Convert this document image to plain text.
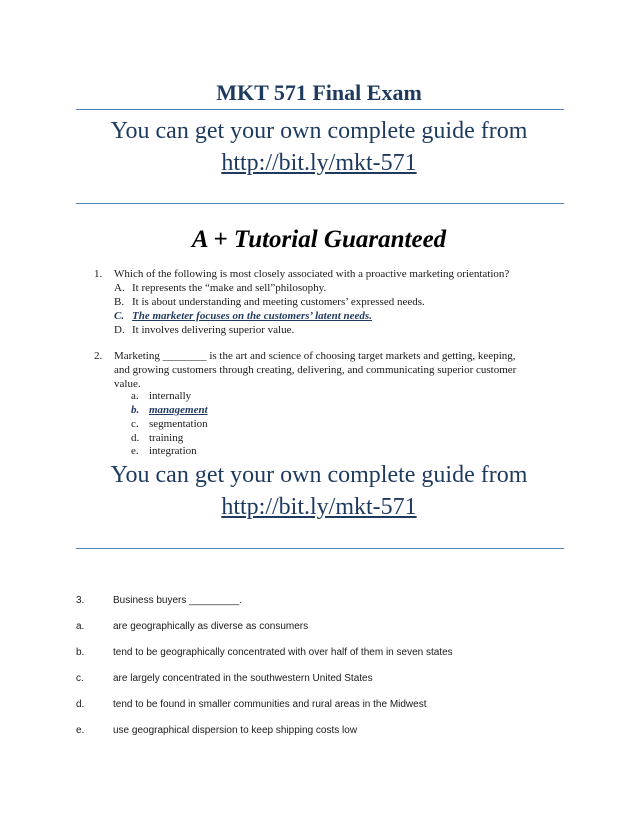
MKT 571 Final Exam
You can get your own complete guide from
http://bit.ly/mkt-571
A + Tutorial Guaranteed
1. Which of the following is most closely associated with a proactive marketing orientation?
A. It represents the “make and sell”philosophy.
B. It is about understanding and meeting customers’ expressed needs.
C. The marketer focuses on the customers’ latent needs.
D. It involves delivering superior value.
2. Marketing ________ is the art and science of choosing target markets and getting, keeping,
and growing customers through creating, delivering, and communicating superior customer
value.
a. internally
b. management
c. segmentation
d. training
e. integration
You can get your own complete guide from
http://bit.ly/mkt-571
3.	Business buyers _________.
a.	are geographically as diverse as consumers
b.	tend to be geographically concentrated with over half of them in seven states
c.	are largely concentrated in the southwestern United States
d.	tend to be found in smaller communities and rural areas in the Midwest
e.	use geographical dispersion to keep shipping costs low
